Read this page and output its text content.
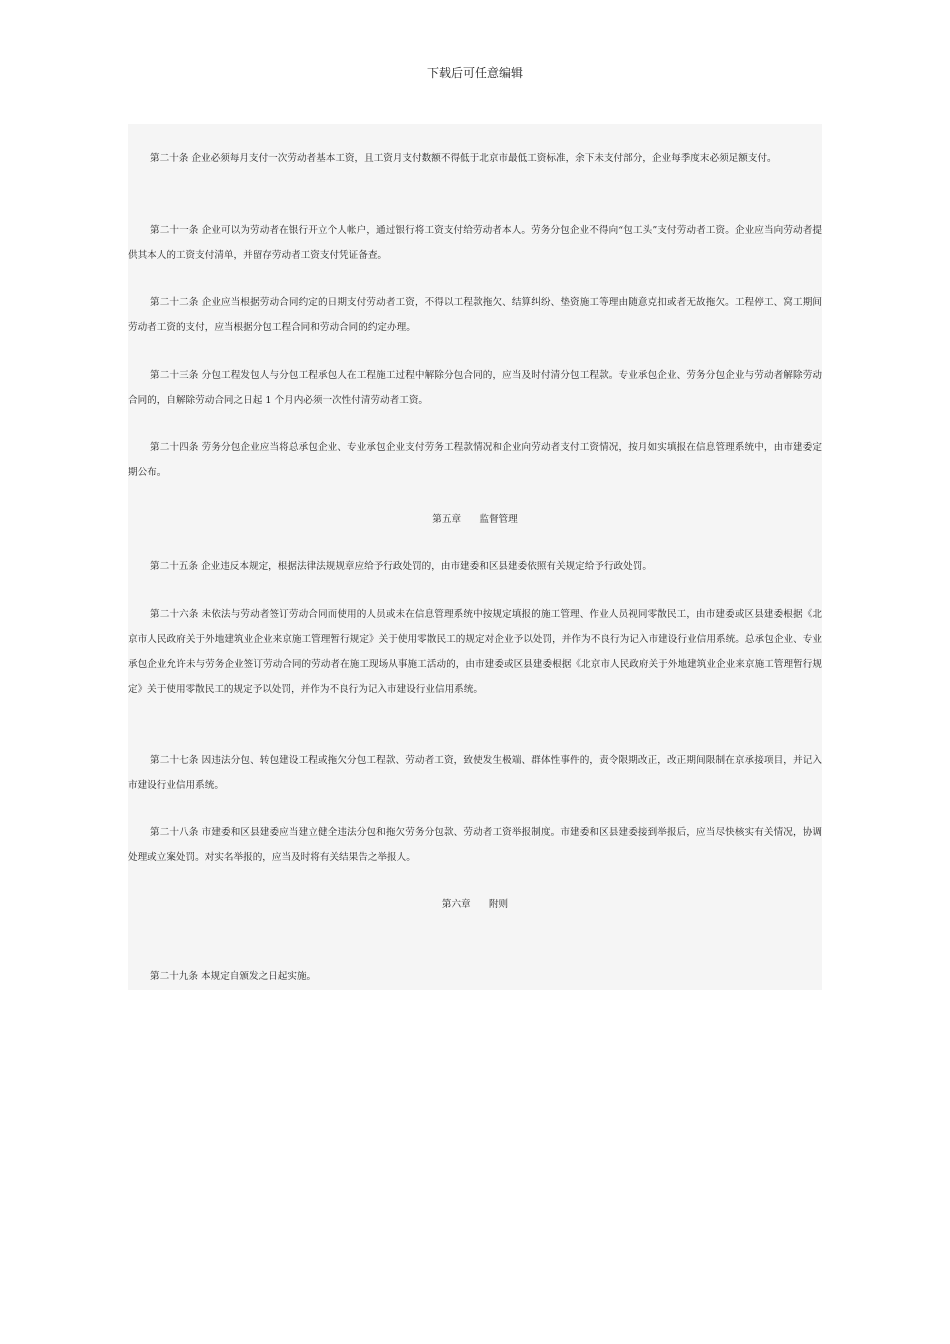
下载后可任意编辑

第二十条 企业必须每月支付一次劳动者基本工资，且工资月支付数额不得低于北京市最低工资标准，余下未支付部分，企业每季度末必须足额支付。

第二十一条 企业可以为劳动者在银行开立个人帐户，通过银行将工资支付给劳动者本人。劳务分包企业不得向“包工头”支付劳动者工资。企业应当向劳动者提供其本人的工资支付清单，并留存劳动者工资支付凭证备查。

第二十二条 企业应当根据劳动合同约定的日期支付劳动者工资，不得以工程款拖欠、结算纠纷、垫资施工等理由随意克扣或者无故拖欠。工程停工、窝工期间劳动者工资的支付，应当根据分包工程合同和劳动合同的约定办理。

第二十三条 分包工程发包人与分包工程承包人在工程施工过程中解除分包合同的，应当及时付清分包工程款。专业承包企业、劳务分包企业与劳动者解除劳动合同的，自解除劳动合同之日起 1 个月内必须一次性付清劳动者工资。

第二十四条 劳务分包企业应当将总承包企业、专业承包企业支付劳务工程款情况和企业向劳动者支付工资情况，按月如实填报在信息管理系统中，由市建委定期公布。

第五章      监督管理

第二十五条 企业违反本规定，根据法律法规规章应给予行政处罚的，由市建委和区县建委依照有关规定给予行政处罚。

第二十六条 未依法与劳动者签订劳动合同而使用的人员或未在信息管理系统中按规定填报的施工管理、作业人员视同零散民工，由市建委或区县建委根据《北京市人民政府关于外地建筑业企业来京施工管理暂行规定》关于使用零散民工的规定对企业予以处罚，并作为不良行为记入市建设行业信用系统。总承包企业、专业承包企业允许未与劳务企业签订劳动合同的劳动者在施工现场从事施工活动的，由市建委或区县建委根据《北京市人民政府关于外地建筑业企业来京施工管理暂行规定》关于使用零散民工的规定予以处罚，并作为不良行为记入市建设行业信用系统。

第二十七条 因违法分包、转包建设工程或拖欠分包工程款、劳动者工资，致使发生极端、群体性事件的，责令限期改正，改正期间限制在京承接项目，并记入市建设行业信用系统。

第二十八条 市建委和区县建委应当建立健全违法分包和拖欠劳务分包款、劳动者工资举报制度。市建委和区县建委接到举报后，应当尽快核实有关情况，协调处理或立案处罚。对实名举报的，应当及时将有关结果告之举报人。

第六章      附则

第二十九条 本规定自颁发之日起实施。
